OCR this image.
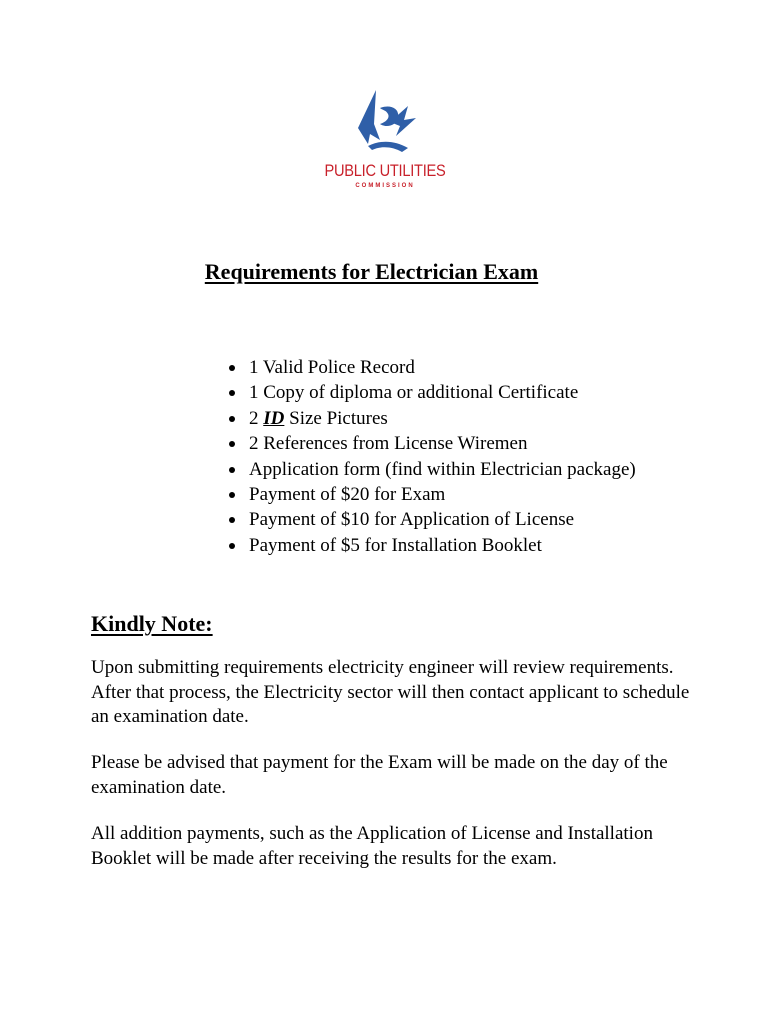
PUBLIC UTILITIES
COMMISSION
Requirements for Electrician Exam
1 Valid Police Record
1 Copy of diploma or additional Certificate
2 ID Size Pictures
2 References from License Wiremen
Application form (find within Electrician package)
Payment of $20 for Exam
Payment of $10 for Application of License
Payment of $5 for Installation Booklet
Kindly Note:

Upon submitting requirements electricity engineer will review requirements. After that process, the Electricity sector will then contact applicant to schedule an examination date.

Please be advised that payment for the Exam will be made on the day of the examination date.

All addition payments, such as the Application of License and Installation Booklet will be made after receiving the results for the exam.
